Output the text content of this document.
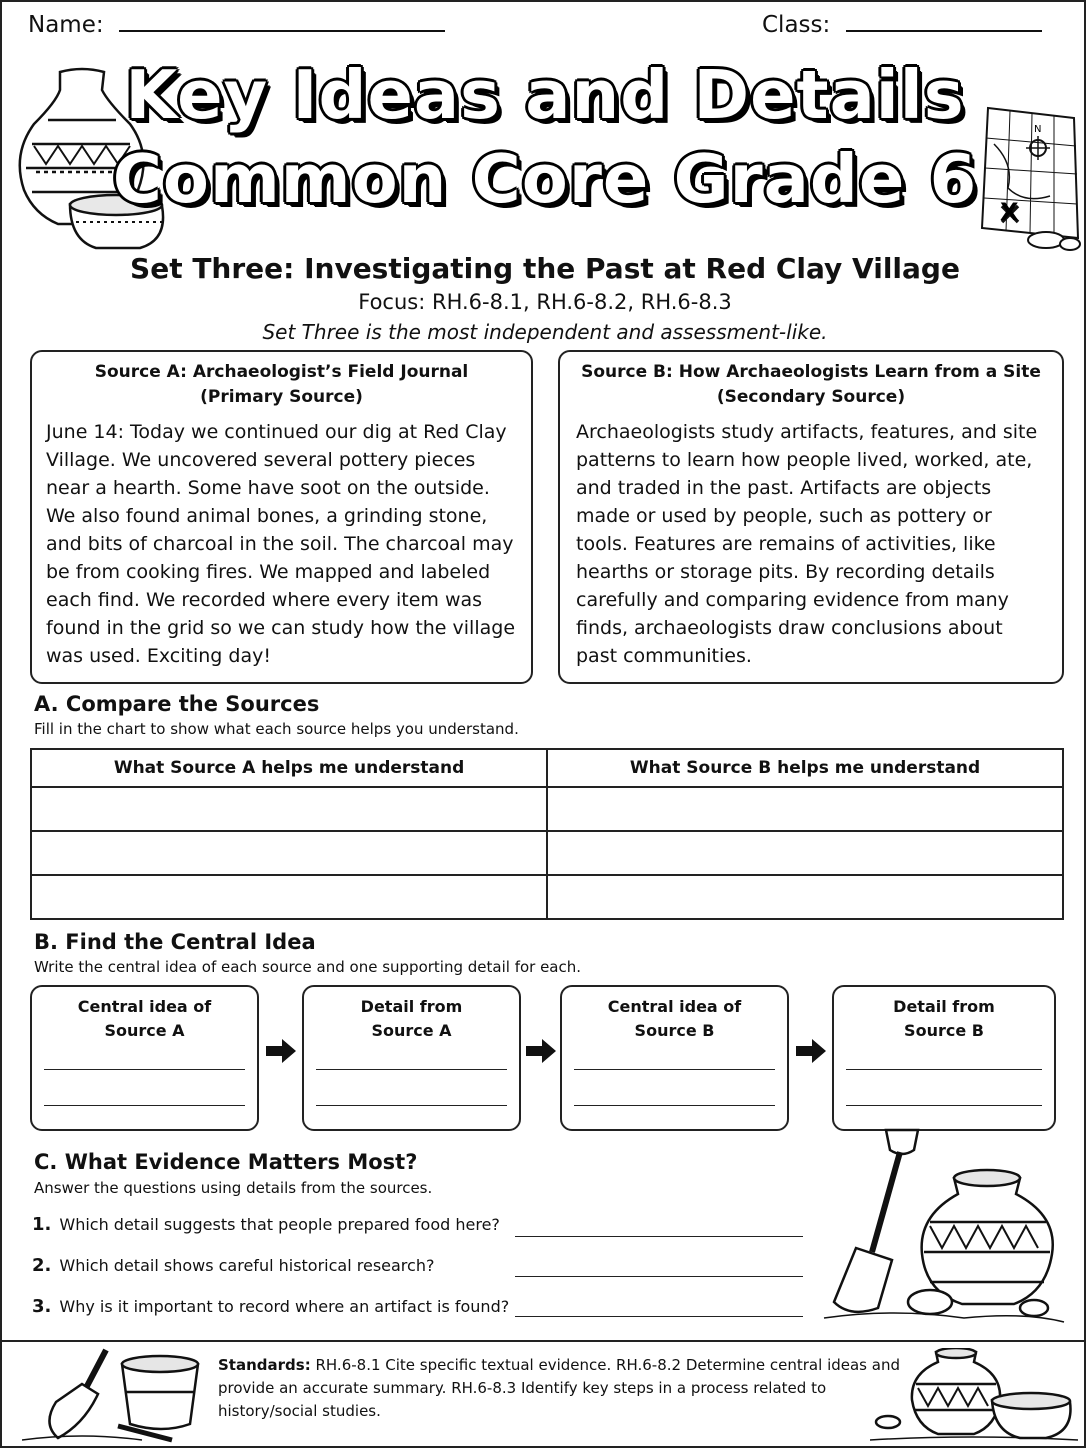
Name:	Class:
N
Key Ideas and Details
Common Core Grade 6
Set Three: Investigating the Past at Red Clay Village
Focus: RH.6-8.1, RH.6-8.2, RH.6-8.3
Set Three is the most independent and assessment-like.
Source A: Archaeologist’s Field Journal
(Primary Source)
June 14: Today we continued our dig at Red Clay Village. We uncovered several pottery pieces near a hearth. Some have soot on the outside. We also found animal bones, a grinding stone, and bits of charcoal in the soil. The charcoal may be from cooking fires. We mapped and labeled each find. We recorded where every item was found in the grid so we can study how the village was used. Exciting day!
Source B: How Archaeologists Learn from a Site
(Secondary Source)
Archaeologists study artifacts, features, and site patterns to learn how people lived, worked, ate, and traded in the past. Artifacts are objects made or used by people, such as pottery or tools. Features are remains of activities, like hearths or storage pits. By recording details carefully and comparing evidence from many finds, archaeologists draw conclusions about past communities.
A. Compare the Sources
Fill in the chart to show what each source helps you understand.
What Source A helps me understand	What Source B helps me understand

B. Find the Central Idea
Write the central idea of each source and one supporting detail for each.
Central idea of
Source A
Detail from
Source A
Central idea of
Source B
Detail from
Source B
C. What Evidence Matters Most?
Answer the questions using details from the sources.
1. Which detail suggests that people prepared food here?
2. Which detail shows careful historical research?
3. Why is it important to record where an artifact is found?
Standards: RH.6-8.1 Cite specific textual evidence. RH.6-8.2 Determine central ideas and provide an accurate summary. RH.6-8.3 Identify key steps in a process related to history/social studies.
X
